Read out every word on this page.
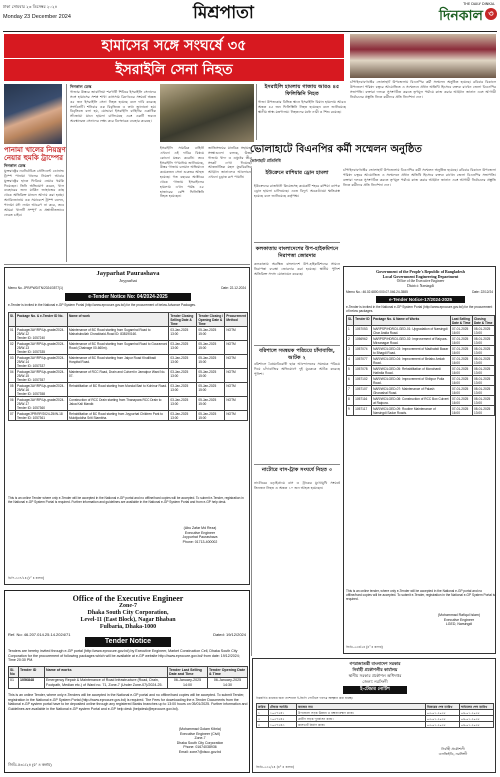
ঢাকা সোমবার ২৩ ডিসেম্বর ২০২৪
Monday 23 December 2024	মিশ্রপাতা	THE DAILY DINKAL
দিনকাল ৩
হামাসের সঙ্গে সংঘর্ষে ৩৫
ইসরাইলি সেনা নিহত
পানামা খালের নিয়ন্ত্রণ নেয়ার হুমকি ট্রাম্পের
দিনকাল ডেস্ক
যুক্তরাষ্ট্রের নবনির্বাচিত প্রেসিডেন্ট ডোনাল্ড ট্রাম্প পানামা খালের নিয়ন্ত্রণ আবার যুক্তরাষ্ট্রের হাতে ফিরিয়ে নেয়ার হুমকি দিয়েছেন। তিনি অভিযোগ করেন, খাল ব্যবহারের জন্য মার্কিন জাহাজের কাছ থেকে অতিরিক্ত মাশুল আদায় করা হচ্ছে। অ্যারিজোনায় এক সমাবেশে ট্রাম্প বলেন, পানামা যদি ন্যায্য আচরণ না করে, তবে আমরা খালটি সম্পূর্ণ ও প্রশ্নাতীতভাবে ফেরত চাইব।
দিনকাল ডেস্ক
গাজার উত্তরে জাবালিয়া শরণার্থী শিবিরে ইসরাইলি সেনাদের সঙ্গে হামাসের সশস্ত্র শাখা কাসসাম ব্রিগেডের সংঘর্ষে অন্তত ৩৫ জন ইসরাইলি সেনা নিহত হয়েছে বলে দাবি করেছে সংগঠনটি। শনিবার এক বিবৃতিতে এ তথ্য জানানো হয়। বিবৃতিতে বলা হয়, যোদ্ধারা ইসরাইলি বাহিনীর একাধিক সাঁজোয়া যানে হামলা চালিয়েছে এবং একটি ভবনে অবস্থানরত সেনাদের লক্ষ্য করে বিস্ফোরক ব্যবহার করেছে।
ইসরাইলি সামরিক বাহিনী এখনো এই দাবির বিষয়ে কোনো মন্তব্য করেনি। তবে ইসরাইলি গণমাধ্যম জানিয়েছে, উত্তর গাজায় চলমান অভিযানে কয়েকজন সেনা গুরুতর আহত হয়েছে। গত বছরের অক্টোবর থেকে গাজায় ইসরাইলের হামলায় এখন পর্যন্ত ৪৫ হাজারের বেশি ফিলিস্তিনি নিহত হয়েছেন।
জাতিসংঘের মানবিক সহায়তা সংস্থাগুলো বলছে, উত্তর গাজায় খাদ্য ও ওষুধের তীব্র সংকট দেখা দিয়েছে। আন্তর্জাতিক মহল যুদ্ধবিরতির আহ্বান জানালেও আলোচনা এখনো চূড়ান্ত রূপ পায়নি।
ইসরাইলি হামলায় গাজায় আরও ৪৫ ফিলিস্তিনি নিহত
গাজা উপত্যকার বিভিন্ন স্থানে ইসরাইলি বিমান হামলায় আরও অন্তত ৪৫ জন ফিলিস্তিনি নিহত হয়েছেন বলে জানিয়েছে স্থানীয় স্বাস্থ্য মন্ত্রণালয়। নিহতদের মধ্যে নারী ও শিশু রয়েছে।
চাঁপাইনবাবগঞ্জের ভোলাহাট উপজেলায় বিএনপির কর্মী সম্মেলন অনুষ্ঠিত হয়েছে। রবিবার বিকালে উপজেলা পরিষদ চত্বরে আয়োজিত এ সম্মেলনে প্রধান অতিথি হিসেবে বক্তব্য রাখেন জেলা বিএনপির সভাপতি। বক্তারা দলকে সুসংগঠিত করতে তৃণমূল পর্যায়ে কাজ করার আহ্বান জানান এবং আগামী নির্বাচনের প্রস্তুতি নিতে কর্মীদের প্রতি নির্দেশনা দেন।
ভোলাহাটে বিএনপির কর্মী সম্মেলন অনুষ্ঠিত
ভোলাহাট প্রতিনিধি
Jayparhat Paurashava
Joypurhat
Memo No. JPR/PWD/TN/2024/3577(1)	Date: 22-12-2024
e-Tender Notice No: 04/2024-2025
e-Tender is invited in the National e-GP System Portal (http://www.eprocure.gov.bd) for the procurement of below Advance Packages.
Sl.	Package No. & e-Tender ID No.	Name of work	Tender Closing Selling Date & Time	Tender Closing / Opening Date & Time	Procurement Method
01	Package/JAY/RP/Up-grade/2024-25/W-12
Tender ID: 1057240	Maintenance of BC Road starting from Sugamhal Road to Mahabubullah Chowkbaid-Road ID: 838190160.	03-Jan-2025 13:00	05-Jan-2025 15:00	NOTM
02	Package/JAY/RP/Up-grade/2024-25/W-13
Tender ID: 1057335	Maintenance of BC Road starting from Sugamhal Road to Gouramoni Road (Chainage 00-660m).	03-Jan-2025 13:00	05-Jan-2025 15:00	NOTM
03	Package/JAY/RP/Up-grade/2024-25/W-14
Tender ID: 1057337	Maintenance of BC Road starting from Jaipur Road Khalilbadi Hospital Road.	03-Jan-2025 13:00	05-Jan-2025 15:00	NOTM
04	Package/JAY/RP/Up-grade/2024-25/W-15
Tender ID: 1057357	Maintenance of RCC Road, Drain and Culvert in Jamalpur Ward No. 07.	03-Jan-2025 13:00	05-Jan-2025 15:00	NOTM
05	Package/JAY/RP/Up-grade/2024-25/W-16
Tender ID: 1057358	Rehabilitation of BC Road starting from Mondal Bari to Kohinur Road.	03-Jan-2025 13:00	05-Jan-2025 15:00	NOTM
06	Package/JAY/RP/Up-grade/2024-25/W-17
Tender ID: 1057360	Construction of RCC Drain starting from Thanapara RCC Drain to Jalua Kali Mandir.	03-Jan-2025 13:00	05-Jan-2025 15:00	NOTM
07	Package/JPR/RP/2024-25/W-18
Tender ID: 1057361	Rehabilitation of BC Road starting from Joypurhat Children Park to Muktijoddha Sriti Stambha.	03-Jan-2025 13:00	05-Jan-2025 15:00	NOTM
This is an online Tender where only e-Tender will be accepted in the National e-GP portal and no offline/hard copies will be accepted. To submit e-Tender, registration in the National e-GP System Portal is required. Further information and guidelines are available in the National e-GP System Portal and from e-GP help desk.
(Abu Zafar Md Reza)
Executive Engineer
Joypurhat Paurashava
Phone: 01713-400002
ডিপি-৩৩৭/২৪ (৮" ৪ কলাম)
Office of the Executive Engineer
Zone-7
Dhaka South City Corporation,
Level-11 (East Block), Nagar Bhaban
Fulbaria, Dhaka-1000
Ref. No: 46.207.014.25.14.2024/71	Dated: 19/12/2024
Tender Notice
Tenders are hereby invited through e-GP portal (http://www.eprocure.gov.bd) by Executive Engineer, Market Construction Cell, Dhaka South City Corporation for the procurement of following packages which will be available at e-GP website http://www.eprocure.gov.bd/ from date: 19/12/2024; Time 20:30 PM.
Sl. No	Tender ID	Name of works	Tender Last Selling Date and Time	Tender Opening Date & Time
01	1056848	Emergency Repair & Maintenance of Road Infrastructure (Road, Drain, Footpath, Median etc.) of Ward no. 71, Zone-7 (Under Zone-07)/2024-25.	06-January-2025
14:00	06-January-2025
14:30
This is an online Tender, where only e-Tenders will be accepted in the National e-GP portal and no offline/hard copies will be accepted. To submit Tender, registration in the National e-GP System Portal (http://www.eprocure.gov.bd) is required. The Fees for downloading the e-Tender Documents from the National e-GP system portal have to be deposited online through any registered Banks branches up to 13:00 hours on 05/01/2025. Further information and Guidelines are available in the National e-GP system Portal and e-GP help desk (helpdesk@eprocure.gov.bd).
(Mohammad Golam Kibria)
Executive Engineer (Civil)
Zone-7
Dhaka South City Corporation
Phone: 01674038936
Email: zone7@dscc.gov.bd
জিডি-৫৩১/২৪ (৫" ৪ কলাম)
ইউক্রেনে রাশিয়ার ড্রোন হামলা
ইউক্রেনের রাজধানী কিয়েভসহ কয়েকটি শহরে রাশিয়া ব্যাপক ড্রোন হামলা চালিয়েছে। এতে বিদ্যুৎ অবকাঠামো ক্ষতিগ্রস্ত হয়েছে বলে জানিয়েছে কর্তৃপক্ষ।
কলকাতায় বাংলাদেশের উপ-হাইকমিশনে নিরাপত্তা জোরদার
কলকাতায় অবস্থিত বাংলাদেশ উপ-হাইকমিশনের সামনে নিরাপত্তা ব্যবস্থা জোরদার করা হয়েছে। স্থানীয় পুলিশ অতিরিক্ত সদস্য মোতায়েন করেছে।
বরিশালে সমন্বয়ক পরিচয়ে চাঁদাবাজি, আটক ২
বরিশালে বৈষম্যবিরোধী ছাত্র আন্দোলনের সমন্বয়ক পরিচয় দিয়ে চাঁদাবাজির অভিযোগে দুই যুবককে আটক করেছে পুলিশ।
নাটোরে বাস-ট্রাক সংঘর্ষে নিহত ৩
নাটোরের বড়াইগ্রামে বাস ও ট্রাকের মুখোমুখি সংঘর্ষে তিনজন নিহত ও অন্তত ১০ জন আহত হয়েছেন।
চাঁপাইনবাবগঞ্জের ভোলাহাট উপজেলায় বিএনপির কর্মী সম্মেলন অনুষ্ঠিত হয়েছে। রবিবার বিকালে উপজেলা পরিষদ চত্বরে আয়োজিত এ সম্মেলনে প্রধান অতিথি হিসেবে বক্তব্য রাখেন জেলা বিএনপির সভাপতি। বক্তারা দলকে সুসংগঠিত করতে তৃণমূল পর্যায়ে কাজ করার আহ্বান জানান এবং আগামী নির্বাচনের প্রস্তুতি নিতে কর্মীদের প্রতি নির্দেশনা দেন।
Government of the People's Republic of Bangladesh
Local Government Engineering Department
Office of the Executive Engineer
District: Narsingdi
Memo No.: 46.02.6800.000.07.046.24-3585	Date: 22/12/24
e-Tender Notice-17/2024-2025
e-Tender is invited in the National e-GP System Portal (http://www.eprocure.gov.bd) for the procurement of below packages.
SL	Tender ID	Package No. & Name of Works	Last Selling Date & Time	Closing Date & Time
1	1057053	NARPSP/HDRC/LGED-01: Upgradation of Narsingdi Char Aralia Road.	07-01-2025 16:00	08-01-2025 13:00
2	1056962	NARPSP/HDRC/LGED-02: Improvement of Raipura-Mirzanagar Road.	07-01-2025 16:00	08-01-2025 13:00
3	1057074	NAR/WC/LGED-03: Improvement of Madhabdi Bazar to Bhagdi Road.	07-01-2025 16:00	08-01-2025 13:00
4	1057077	NAR/WC/LGED-04: Improvement of Belabo Amlab Road.	07-01-2025 16:00	08-01-2025 13:00
5	1057078	NAR/WC/LGED-05: Rehabilitation of Monohardi Hatirdia Road.	07-01-2025 16:00	08-01-2025 13:00
6	1057102	NAR/WC/LGED-06: Improvement of Shibpur Putia Road.	07-01-2025 16:00	08-01-2025 13:00
7	1057107	NAR/WC/LGED-07: Maintenance of Palash Ghorashal Road.	07-01-2025 16:00	08-01-2025 13:00
8	1057116	NAR/WC/LGED-08: Construction of RCC Box Culvert at Raipura.	07-01-2025 16:00	08-01-2025 13:00
9	1057117	NAR/WC/LGED-09: Routine Maintenance of Narsingdi Sadar Roads.	07-01-2025 16:00	08-01-2025 13:00
This is an online tender, where only e-Tender will be accepted in the National e-GP portal and no offline/hard copies will be accepted. To submit e-Tender, registration in the National e-GP System Portal is required.
(Mohammad Rafiqul Islam)
Executive Engineer
LGED, Narsingdi
জিডি-৫৩৪/২৪ (৪" ৪ কলাম)
গণপ্রজাতন্ত্রী বাংলাদেশ সরকার
নির্বাহী প্রকৌশলীর কার্যালয়
স্থানীয় সরকার প্রকৌশল অধিদপ্তর
জেলা: নরসিংদী
ই-টেন্ডার নোটিশ
নিম্নবর্ণিত কাজের জন্য ন্যাশনাল ই-জিপি পোর্টালে দরপত্র আহ্বান করা যাচ্ছে।
ক্রমিক	টেন্ডার আইডি	কাজের নাম	বিক্রয়ের শেষ তারিখ	দাখিলের শেষ তারিখ
১	১০৫৭২৪১	উপজেলা সড়ক উন্নয়ন ও রক্ষণাবেক্ষণ কাজ।	০৫-০১-২০২৫	০৬-০১-২০২৫
২	১০৫৭২৪২	গ্রামীণ সড়ক পুনর্বাসন কাজ।	০৫-০১-২০২৫	০৬-০১-২০২৫
৩	১০৫৭২৪৩	কালভার্ট নির্মাণ কাজ।	০৫-০১-২০২৫	০৬-০১-২০২৫
নির্বাহী প্রকৌশলী
এলজিইডি, নরসিংদী
জিডি-৫৩২/২৪ (৪" ৪ কলাম)
